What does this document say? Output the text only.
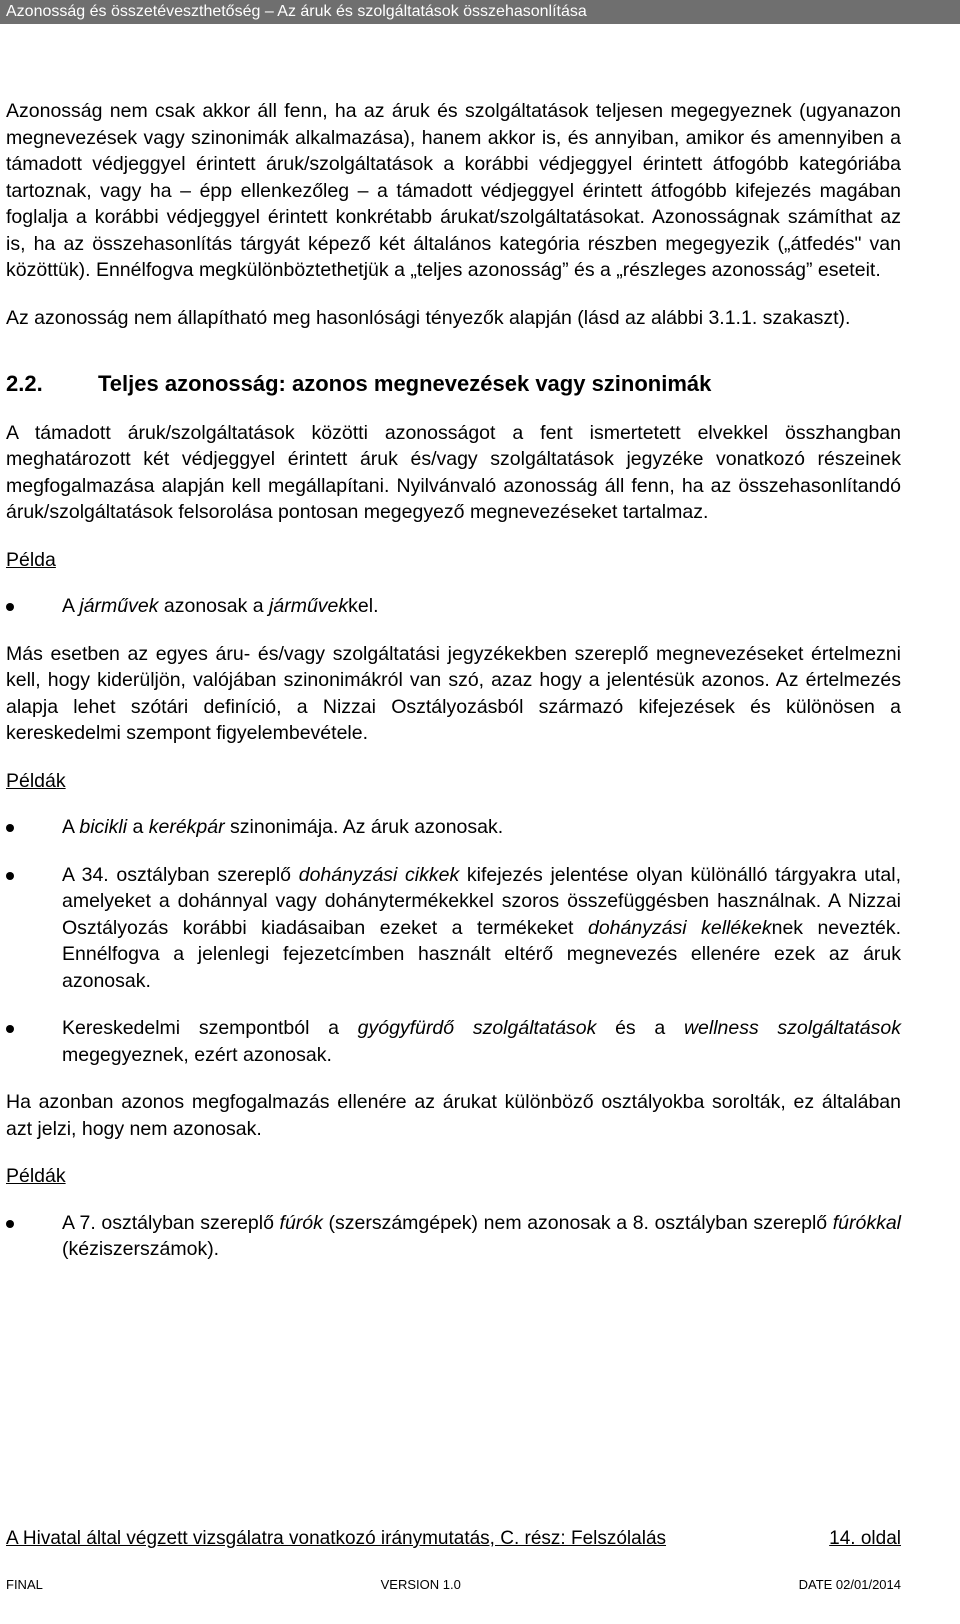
Azonosság és összetéveszthetőség – Az áruk és szolgáltatások összehasonlítása

Azonosság nem csak akkor áll fenn, ha az áruk és szolgáltatások teljesen megegyeznek (ugyanazon megnevezések vagy szinonimák alkalmazása), hanem akkor is, és annyiban, amikor és amennyiben a támadott védjeggyel érintett áruk/szolgáltatások a korábbi védjeggyel érintett átfogóbb kategóriába tartoznak, vagy ha – épp ellenkezőleg – a támadott védjeggyel érintett átfogóbb kifejezés magában foglalja a korábbi védjeggyel érintett konkrétabb árukat/szolgáltatásokat. Azonosságnak számíthat az is, ha az összehasonlítás tárgyát képező két általános kategória részben megegyezik („átfedés" van közöttük). Ennélfogva megkülönböztethetjük a „teljes azonosság” és a „részleges azonosság” eseteit.

Az azonosság nem állapítható meg hasonlósági tényezők alapján (lásd az alábbi 3.1.1. szakaszt).

2.2.	Teljes azonosság: azonos megnevezések vagy szinonimák

A támadott áruk/szolgáltatások közötti azonosságot a fent ismertetett elvekkel összhangban meghatározott két védjeggyel érintett áruk és/vagy szolgáltatások jegyzéke vonatkozó részeinek megfogalmazása alapján kell megállapítani. Nyilvánvaló azonosság áll fenn, ha az összehasonlítandó áruk/szolgáltatások felsorolása pontosan megegyező megnevezéseket tartalmaz.

Példa

A járművek azonosak a járművekkel.

Más esetben az egyes áru- és/vagy szolgáltatási jegyzékekben szereplő megnevezéseket értelmezni kell, hogy kiderüljön, valójában szinonimákról van szó, azaz hogy a jelentésük azonos. Az értelmezés alapja lehet szótári definíció, a Nizzai Osztályozásból származó kifejezések és különösen a kereskedelmi szempont figyelembevétele.

Példák

A bicikli a kerékpár szinonimája. Az áruk azonosak.
A 34. osztályban szereplő dohányzási cikkek kifejezés jelentése olyan különálló tárgyakra utal, amelyeket a dohánnyal vagy dohánytermékekkel szoros összefüggésben használnak. A Nizzai Osztályozás korábbi kiadásaiban ezeket a termékeket dohányzási kellékeknek nevezték. Ennélfogva a jelenlegi fejezetcímben használt eltérő megnevezés ellenére ezek az áruk azonosak.
Kereskedelmi szempontból a gyógyfürdő szolgáltatások és a wellness szolgáltatások megegyeznek, ezért azonosak.

Ha azonban azonos megfogalmazás ellenére az árukat különböző osztályokba sorolták, ez általában azt jelzi, hogy nem azonosak.

Példák

A 7. osztályban szereplő fúrók (szerszámgépek) nem azonosak a 8. osztályban szereplő fúrókkal (kéziszerszámok).
A Hivatal által végzett vizsgálatra vonatkozó iránymutatás, C. rész: Felszólalás	14. oldal
FINAL	VERSION 1.0	DATE 02/01/2014
